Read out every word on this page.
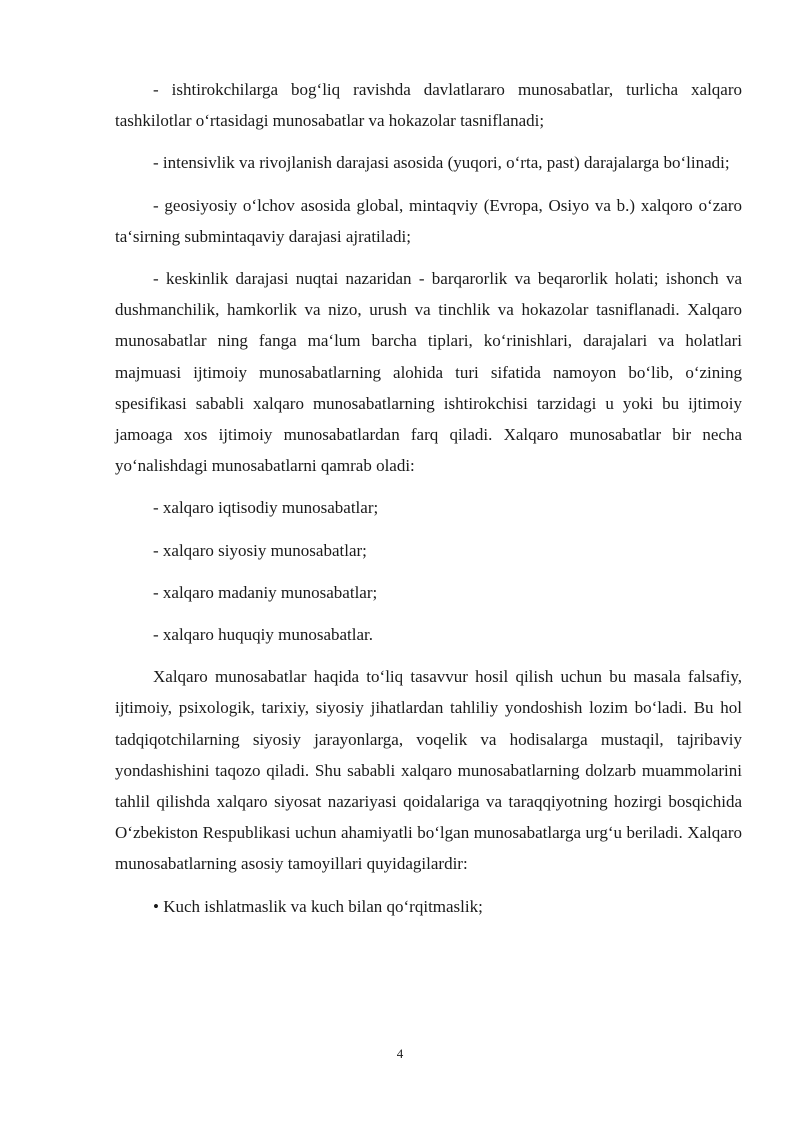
- ishtirokchilarga bog‘liq ravishda davlatlararo munosabatlar, turlicha xalqaro tashkilotlar o‘rtasidagi munosabatlar va hokazolar tasniflanadi;

- intensivlik va rivojlanish darajasi asosida (yuqori, o‘rta, past) darajalarga bo‘linadi;

- geosiyosiy o‘lchov asosida global, mintaqviy (Evropa, Osiyo va b.) xalqoro o‘zaro ta‘sirning submintaqaviy darajasi ajratiladi;

- keskinlik darajasi nuqtai nazaridan - barqarorlik va beqarorlik holati; ishonch va dushmanchilik, hamkorlik va nizo, urush va tinchlik va hokazolar tasniflanadi. Xalqaro munosabatlar ning fanga ma‘lum barcha tiplari, ko‘rinishlari, darajalari va holatlari majmuasi ijtimoiy munosabatlarning alohida turi sifatida namoyon bo‘lib, o‘zining spesifikasi sababli xalqaro munosabatlarning ishtirokchisi tarzidagi u yoki bu ijtimoiy jamoaga xos ijtimoiy munosabatlardan farq qiladi. Xalqaro munosabatlar bir necha yo‘nalishdagi munosabatlarni qamrab oladi:

- xalqaro iqtisodiy munosabatlar;

- xalqaro siyosiy munosabatlar;

- xalqaro madaniy munosabatlar;

- xalqaro huquqiy munosabatlar.

Xalqaro munosabatlar haqida to‘liq tasavvur hosil qilish uchun bu masala falsafiy, ijtimoiy, psixologik, tarixiy, siyosiy jihatlardan tahliliy yondoshish lozim bo‘ladi. Bu hol tadqiqotchilarning siyosiy jarayonlarga, voqelik va hodisalarga mustaqil, tajribaviy yondashishini taqozo qiladi. Shu sababli xalqaro munosabatlarning dolzarb muammolarini tahlil qilishda xalqaro siyosat nazariyasi qoidalariga va taraqqiyotning hozirgi bosqichida O‘zbekiston Respublikasi uchun ahamiyatli bo‘lgan munosabatlarga urg‘u beriladi. Xalqaro munosabatlarning asosiy tamoyillari quyidagilardir:

• Kuch ishlatmaslik va kuch bilan qo‘rqitmaslik;

4
